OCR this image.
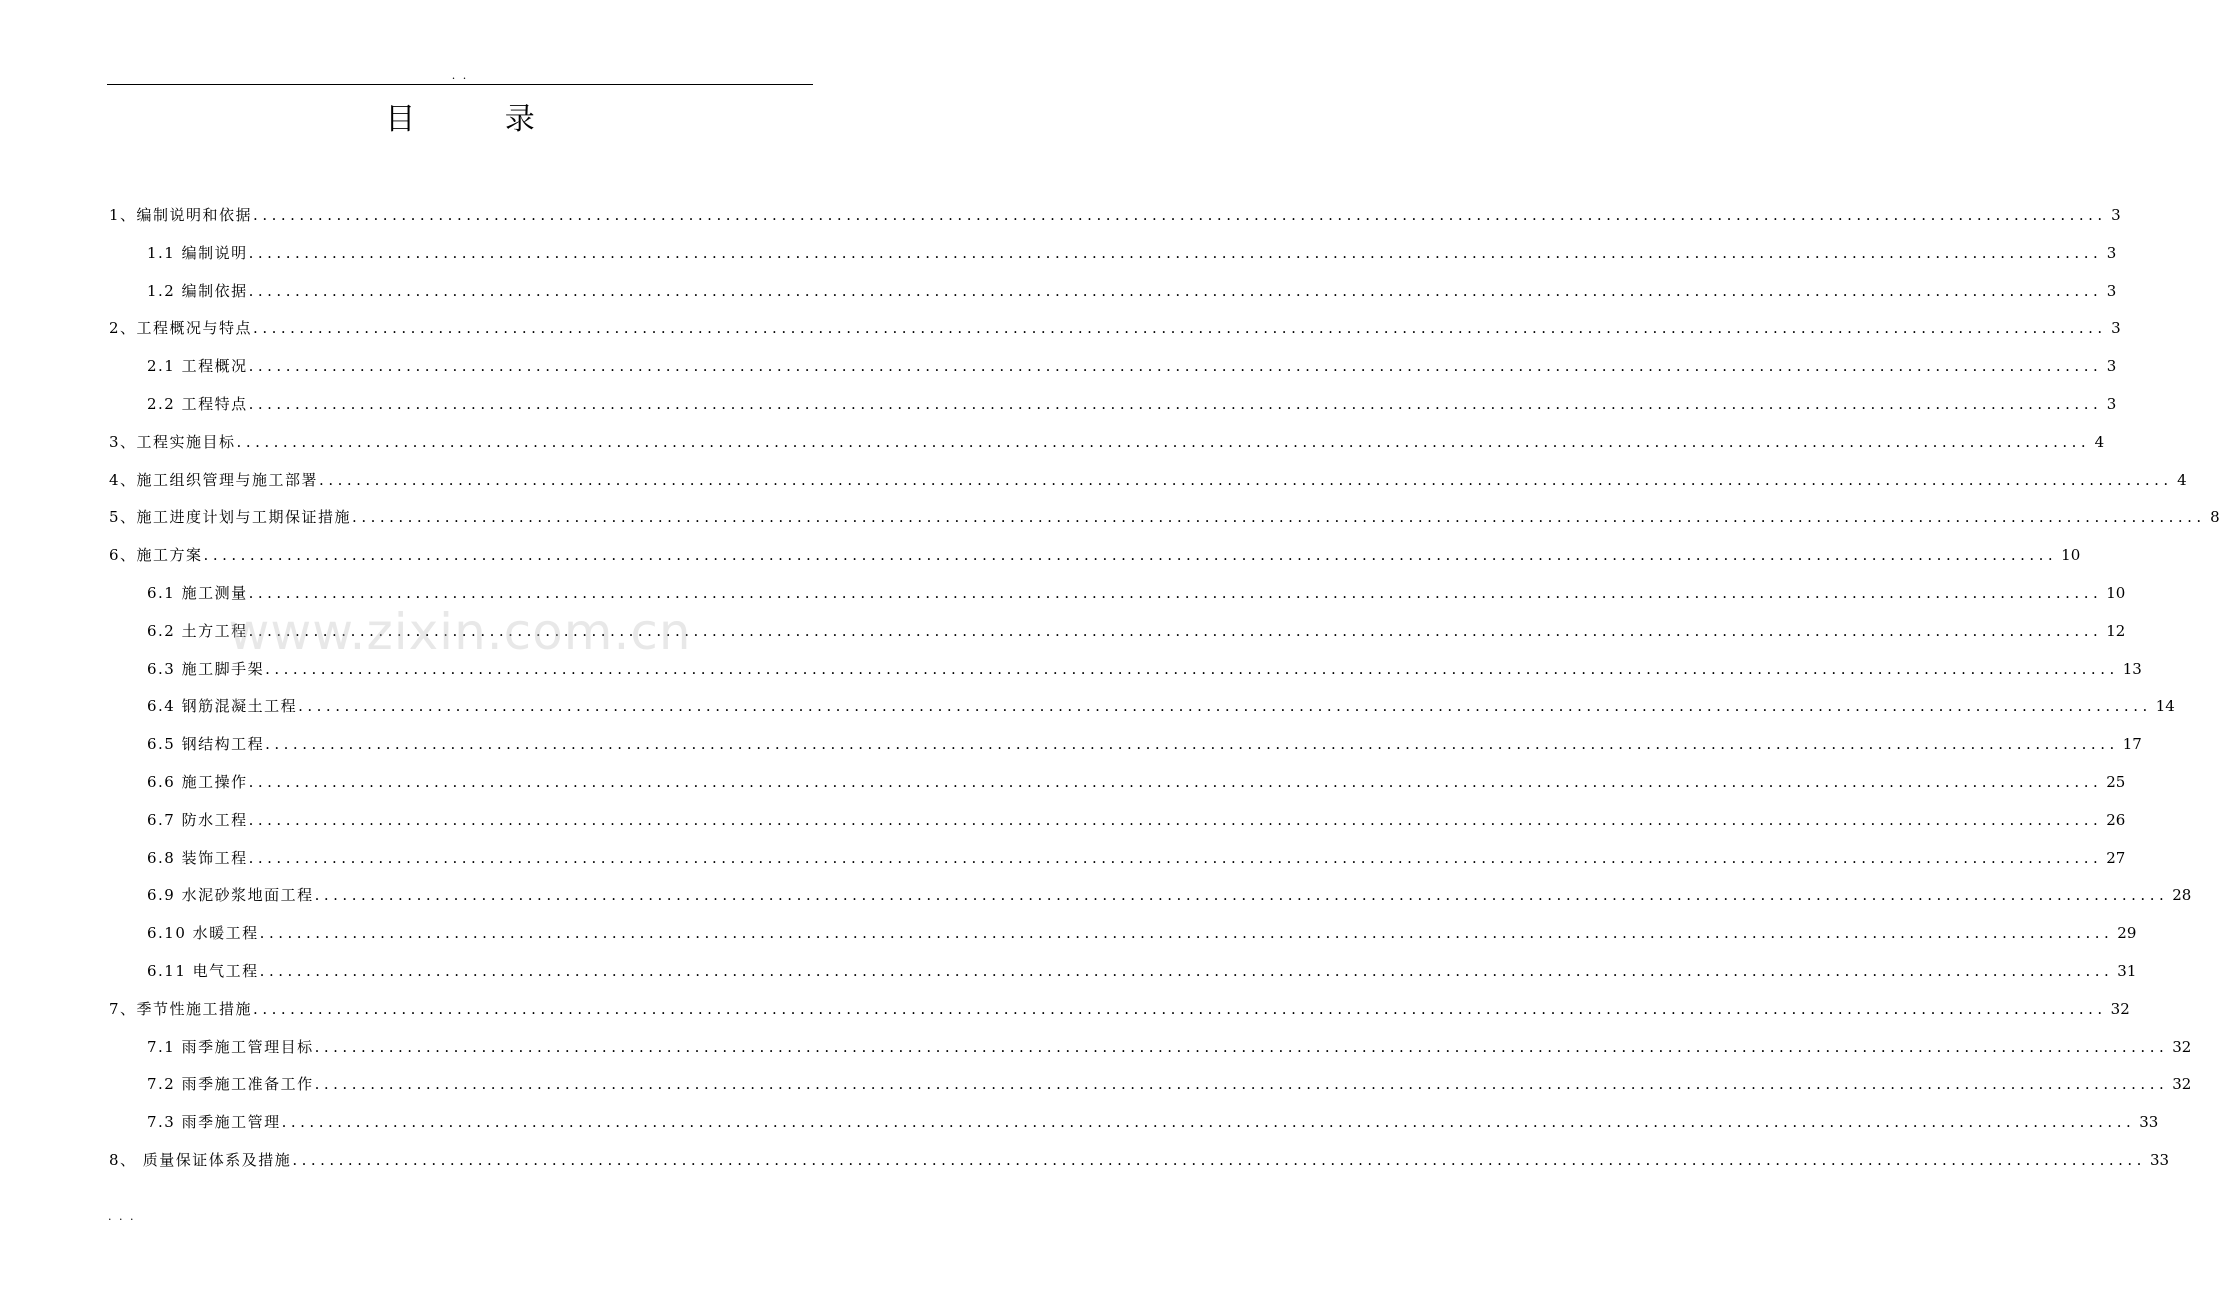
. .
目 录
1、编制说明和依据 ........................................................................................................................................................................................................ 3
1.1 编制说明 ........................................................................................................................................................................................................ 3
1.2 编制依据 ........................................................................................................................................................................................................ 3
2、工程概况与特点 ........................................................................................................................................................................................................ 3
2.1 工程概况 ........................................................................................................................................................................................................ 3
2.2 工程特点 ........................................................................................................................................................................................................ 3
3、工程实施目标 ........................................................................................................................................................................................................ 4
4、施工组织管理与施工部署 ........................................................................................................................................................................................................ 4
5、施工进度计划与工期保证措施 ........................................................................................................................................................................................................ 8
6、施工方案 ........................................................................................................................................................................................................ 10
6.1 施工测量 ........................................................................................................................................................................................................ 10
6.2 土方工程 ........................................................................................................................................................................................................ 12
6.3 施工脚手架 ........................................................................................................................................................................................................ 13
6.4 钢筋混凝土工程 ........................................................................................................................................................................................................ 14
6.5 钢结构工程 ........................................................................................................................................................................................................ 17
6.6 施工操作 ........................................................................................................................................................................................................ 25
6.7 防水工程 ........................................................................................................................................................................................................ 26
6.8 装饰工程 ........................................................................................................................................................................................................ 27
6.9 水泥砂浆地面工程 ........................................................................................................................................................................................................ 28
6.10 水暖工程 ........................................................................................................................................................................................................ 29
6.11 电气工程 ........................................................................................................................................................................................................ 31
7、季节性施工措施 ........................................................................................................................................................................................................ 32
7.1 雨季施工管理目标 ........................................................................................................................................................................................................ 32
7.2 雨季施工准备工作 ........................................................................................................................................................................................................ 32
7.3 雨季施工管理 ........................................................................................................................................................................................................ 33
8、 质量保证体系及措施 ........................................................................................................................................................................................................ 33
www.zixin.com.cn
. . .
